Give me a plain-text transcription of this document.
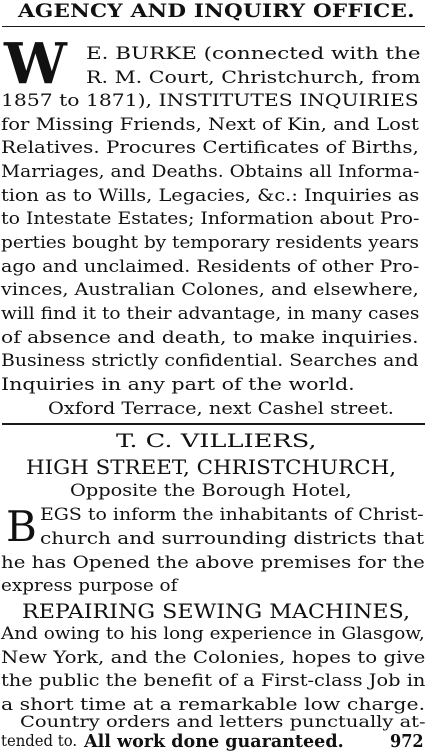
AGENCY AND INQUIRY OFFICE.
W E. BURKE (connected with the
R. M. Court, Christchurch, from
1857 to 1871), INSTITUTES INQUIRIES
for Missing Friends, Next of Kin, and Lost
Relatives. Procures Certificates of Births,
Marriages, and Deaths. Obtains all Informa-
tion as to Wills, Legacies, &c.: Inquiries as
to Intestate Estates; Information about Pro-
perties bought by temporary residents years
ago and unclaimed. Residents of other Pro-
vinces, Australian Colones, and elsewhere,
will find it to their advantage, in many cases
of absence and death, to make inquiries.
Business strictly confidential. Searches and
Inquiries in any part of the world.
Oxford Terrace, next Cashel street.
T. C. VILLIERS,
HIGH STREET, CHRISTCHURCH,
Opposite the Borough Hotel,
B EGS to inform the inhabitants of Christ-
church and surrounding districts that
he has Opened the above premises for the
express purpose of
REPAIRING SEWING MACHINES,
And owing to his long experience in Glasgow,
New York, and the Colonies, hopes to give
the public the benefit of a First-class Job in
a short time at a remarkable low charge.
Country orders and letters punctually at-
tended to. All work done guaranteed.	972
